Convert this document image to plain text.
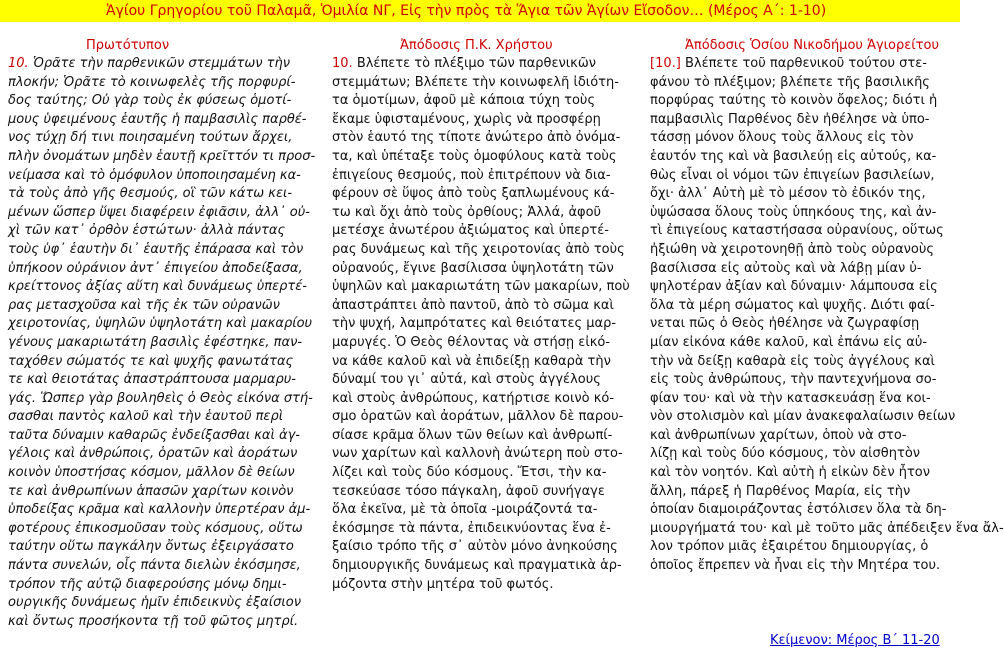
Ἁγίου Γρηγορίου τοῦ Παλαμᾶ, Ὁμιλία ΝΓ, Εἰς τὴν πρὸς τὰ Ἅγια τῶν Ἁγίων Εἴσοδον… (Μέρος Α΄: 1-10)
Πρωτότυπον	Ἀπόδοσις Π.Κ. Χρήστου	Ἀπόδοσις Ὁσίου Νικοδήμου Ἁγιορείτου
10. Ὁρᾶτε τὴν παρθενικῶν στεμμάτων τὴν
πλοκήν; Ὁρᾶτε τὸ κοινωφελὲς τῆς πορφυρί-
δος ταύτης; Οὐ γὰρ τοὺς ἐκ φύσεως ὁμοτί-
μους ὑφειμένους ἑαυτῆς ἡ παμβασιλὶς παρθέ-
νος τύχῃ δή τινι ποιησαμένη τούτων ἄρχει,
πλὴν ὀνομάτων μηδὲν ἑαυτῇ κρεῖττόν τι προσ-
νείμασα καὶ τὸ ὁμόφυλον ὑποποιησαμένη κα-
τὰ τοὺς ἀπὸ γῆς θεσμούς, οἳ τῶν κάτω κει-
μένων ὥσπερ ὕψει διαφέρειν ἐφιᾶσιν, ἀλλ᾽ οὐ-
χὶ τῶν κατ᾽ ὀρθὸν ἑστώτων· ἀλλὰ πάντας
τοὺς ὑφ᾽ ἑαυτὴν δι᾽ ἑαυτῆς ἐπάρασα καὶ τὸν
ὑπήκοον οὐράνιον ἀντ᾽ ἐπιγείου ἀποδείξασα,
κρείττονος ἀξίας αὕτη καὶ δυνάμεως ὑπερτέ-
ρας μετασχοῦσα καὶ τῆς ἐκ τῶν οὐρανῶν
χειροτονίας, ὑψηλῶν ὑψηλοτάτη καὶ μακαρίου
γένους μακαριωτάτη βασιλὶς ἐφέστηκε, παν-
ταχόθεν σώματός τε καὶ ψυχῆς φανωτάτας
τε καὶ θειοτάτας ἀπαστράπτουσα μαρμαρυ-
γάς. Ὥσπερ γὰρ βουληθεὶς ὁ Θεὸς εἰκόνα στή-
σασθαι παντὸς καλοῦ καὶ τὴν ἑαυτοῦ περὶ
ταῦτα δύναμιν καθαρῶς ἐνδείξασθαι καὶ ἀγ-
γέλοις καὶ ἀνθρώποις, ὁρατῶν καὶ ἀοράτων
κοινὸν ὑποστήσας κόσμον, μᾶλλον δὲ θείων
τε καὶ ἀνθρωπίνων ἁπασῶν χαρίτων κοινὸν
ὑποδείξας κρᾶμα καὶ καλλονὴν ὑπερτέραν ἀμ-
φοτέρους ἐπικοσμοῦσαν τοὺς κόσμους, οὕτω
ταύτην οὕτω παγκάλην ὄντως ἐξειργάσατο
πάντα συνελών, οἷς πάντα διελὼν ἐκόσμησε,
τρόπον τῆς αὐτῷ διαφερούσης μόνῳ δημι-
ουργικῆς δυνάμεως ἡμῖν ἐπιδεικνὺς ἐξαίσιον
καὶ ὄντως προσήκοντα τῇ τοῦ φῶτος μητρί.
10. Βλέπετε τὸ πλέξιμο τῶν παρθενικῶν
στεμμάτων; Βλέπετε τὴν κοινωφελῆ ἰδιότη-
τα ὁμοτίμων, ἀφοῦ μὲ κάποια τύχη τοὺς
ἔκαμε ὑφισταμένους, χωρὶς νὰ προσφέρῃ
στὸν ἑαυτό της τίποτε ἀνώτερο ἀπὸ ὀνόμα-
τα, καὶ ὑπέταξε τοὺς ὁμοφύλους κατὰ τοὺς
ἐπιγείους θεσμούς, ποὺ ἐπιτρέπουν νὰ δια-
φέρουν σὲ ὕψος ἀπὸ τοὺς ξαπλωμένους κά-
τω καὶ ὄχι ἀπὸ τοὺς ὀρθίους; Ἀλλά, ἀφοῦ
μετέσχε ἀνωτέρου ἀξιώματος καὶ ὑπερτέ-
ρας δυνάμεως καὶ τῆς χειροτονίας ἀπὸ τοὺς
οὐρανούς, ἔγινε βασίλισσα ὑψηλοτάτη τῶν
ὑψηλῶν καὶ μακαριωτάτη τῶν μακαρίων, ποὺ
ἀπαστράπτει ἀπὸ παντοῦ, ἀπὸ τὸ σῶμα καὶ
τὴν ψυχή, λαμπρότατες καὶ θειότατες μαρ-
μαρυγές. Ὁ Θεὸς θέλοντας νὰ στήσῃ εἰκό-
να κάθε καλοῦ καὶ νὰ ἐπιδείξῃ καθαρὰ τὴν
δύναμί του γι᾽ αὐτά, καὶ στοὺς ἀγγέλους
καὶ στοὺς ἀνθρώπους, κατήρτισε κοινὸ κό-
σμο ὁρατῶν καὶ ἀοράτων, μᾶλλον δὲ παρου-
σίασε κρᾶμα ὅλων τῶν θείων καὶ ἀνθρωπί-
νων χαρίτων καὶ καλλονὴ ἀνώτερη ποὺ στο-
λίζει καὶ τοὺς δύο κόσμους. Ἔτσι, τὴν κα-
τεσκεύασε τόσο πάγκαλη, ἀφοῦ συνήγαγε
ὅλα ἐκεῖνα, μὲ τὰ ὁποῖα -μοιράζοντά τα-
ἐκόσμησε τὰ πάντα, ἐπιδεικνύοντας ἕνα ἐ-
ξαίσιο τρόπο τῆς σ᾽ αὐτὸν μόνο ἀνηκούσης
δημιουργικῆς δυνάμεως καὶ πραγματικὰ ἁρ-
μόζοντα στὴν μητέρα τοῦ φωτός.
[10.] Βλέπετε τοῦ παρθενικοῦ τούτου στε-
φάνου τὸ πλέξιμον; βλέπετε τῆς βασιλικῆς
πορφύρας ταύτης τὸ κοινὸν ὄφελος; διότι ἡ
παμβασιλὶς Παρθένος δὲν ἠθέλησε νὰ ὑπο-
τάσσῃ μόνον ὅλους τοὺς ἄλλους εἰς τὸν
ἑαυτόν της καὶ νὰ βασιλεύῃ εἰς αὐτούς, κα-
θὼς εἶναι οἱ νόμοι τῶν ἐπιγείων βασιλείων,
ὄχι· ἀλλ᾽ Αὐτὴ μὲ τὸ μέσον τὸ ἐδικόν της,
ὑψώσασα ὅλους τοὺς ὑπηκόους της, καὶ ἀν-
τὶ ἐπιγείους καταστήσασα οὐρανίους, οὕτως
ἠξιώθη νὰ χειροτονηθῇ ἀπὸ τοὺς οὐρανοὺς
βασίλισσα εἰς αὐτοὺς καὶ νὰ λάβῃ μίαν ὑ-
ψηλοτέραν ἀξίαν καὶ δύναμιν· λάμπουσα εἰς
ὅλα τὰ μέρη σώματος καὶ ψυχῆς. Διότι φαί-
νεται πῶς ὁ Θεὸς ἠθέλησε νὰ ζωγραφίσῃ
μίαν εἰκόνα κάθε καλοῦ, καὶ ἐπάνω εἰς αὐ-
τὴν νὰ δείξῃ καθαρὰ εἰς τοὺς ἀγγέλους καὶ
εἰς τοὺς ἀνθρώπους, τὴν παντεχνήμονα σο-
φίαν του· καὶ νὰ τὴν κατασκευάσῃ ἕνα κοι-
νὸν στολισμὸν καὶ μίαν ἀνακεφαλαίωσιν θείων
καὶ ἀνθρωπίνων χαρίτων, ὁποὺ νὰ στο-
λίζῃ καὶ τοὺς δύο κόσμους, τὸν αἰσθητὸν
καὶ τὸν νοητόν. Καὶ αὐτὴ ἡ εἰκὼν δὲν ἦτον
ἄλλη, πάρεξ ἡ Παρθένος Μαρία, εἰς τὴν
ὁποίαν διαμοιράζοντας ἐστόλισεν ὅλα τὰ δη-
μιουργήματά του· καὶ μὲ τοῦτο μᾶς ἀπέδειξεν ἕνα ἄλ-
λον τρόπον μιᾶς ἐξαιρέτου δημιουργίας, ὁ
ὁποῖος ἔπρεπεν νὰ ἦναι εἰς τὴν Μητέρα του.
Κείμενον: Μέρος Β΄ 11-20
